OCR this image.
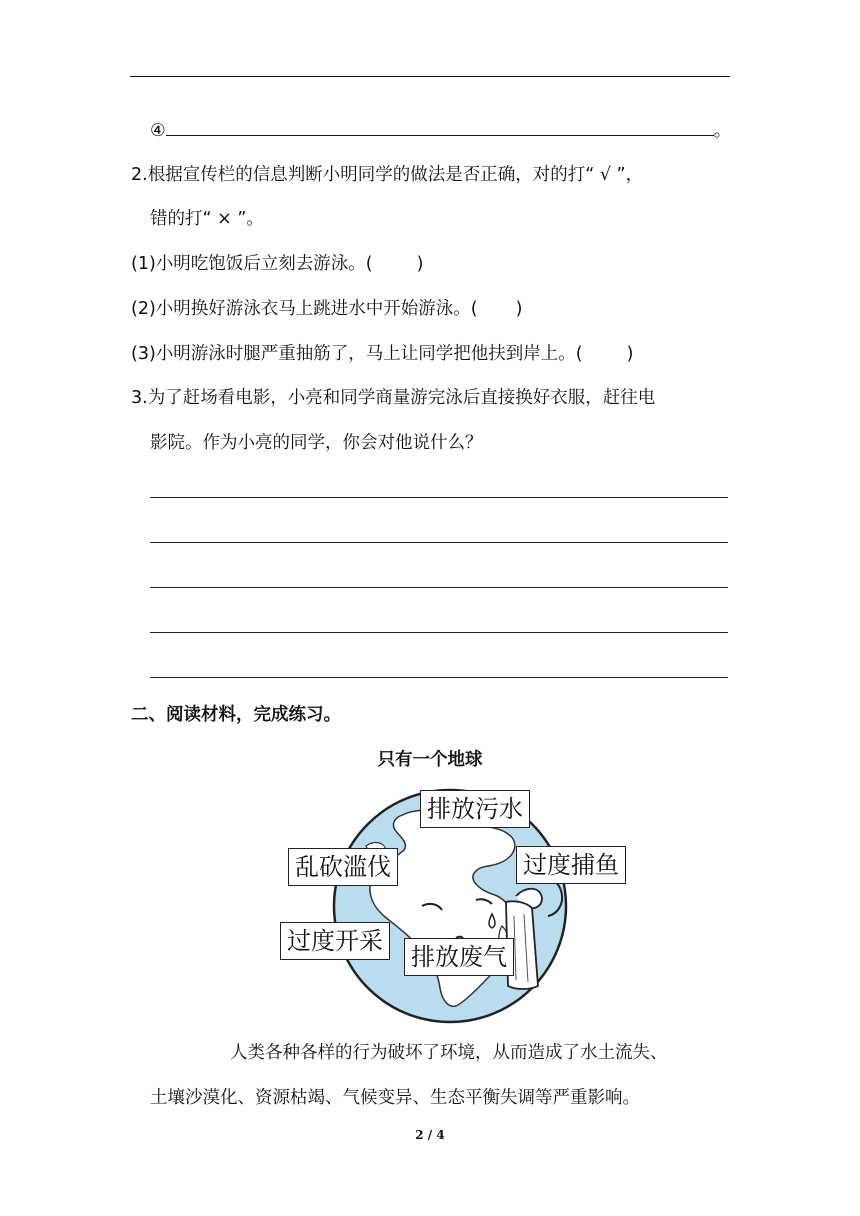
④	。
2.根据宣传栏的信息判断小明同学的做法是否正确，对的打“ √ ”，
错的打“ × ”。
(1)小明吃饱饭后立刻去游泳。(	)
(2)小明换好游泳衣马上跳进水中开始游泳。( )
(3)小明游泳时腿严重抽筋了，马上让同学把他扶到岸上。(	)
3.为了赶场看电影，小亮和同学商量游完泳后直接换好衣服，赶往电
影院。作为小亮的同学，你会对他说什么？
二、阅读材料，完成练习。
只有一个地球
排放污水
乱砍滥伐	过度捕鱼
过度开采
排放废气
人类各种各样的行为破坏了环境，从而造成了水土流失、
土壤沙漠化、资源枯竭、气候变异、生态平衡失调等严重影响。
2 / 4
